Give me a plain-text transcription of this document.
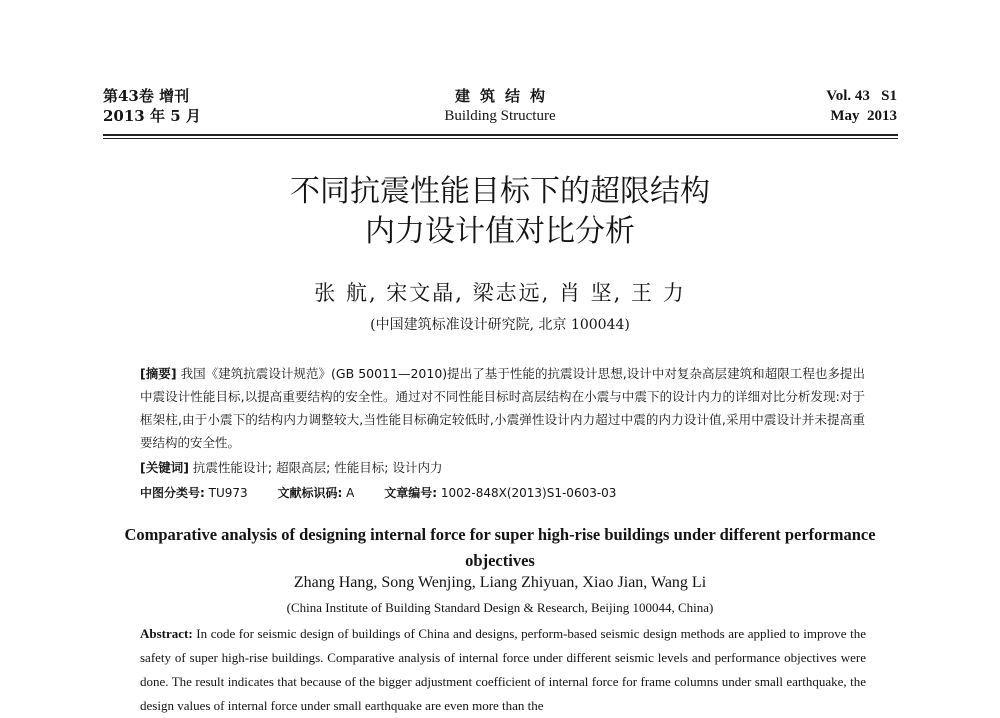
第43卷 增刊
2013 年 5 月
建筑结构
Building Structure
Vol. 43   S1
May  2013
不同抗震性能目标下的超限结构
内力设计值对比分析
张 航, 宋文晶, 梁志远, 肖 坚, 王 力
(中国建筑标准设计研究院, 北京 100044)
[摘要] 我国《建筑抗震设计规范》(GB 50011—2010)提出了基于性能的抗震设计思想,设计中对复杂高层建筑和超限工程也多提出中震设计性能目标,以提高重要结构的安全性。通过对不同性能目标时高层结构在小震与中震下的设计内力的详细对比分析发现:对于框架柱,由于小震下的结构内力调整较大,当性能目标确定较低时,小震弹性设计内力超过中震的内力设计值,采用中震设计并未提高重要结构的安全性。
[关键词] 抗震性能设计; 超限高层; 性能目标; 设计内力
中图分类号: TU973 文献标识码: A 文章编号: 1002-848X(2013)S1-0603-03
Comparative analysis of designing internal force for super high-rise buildings under different performance objectives
Zhang Hang, Song Wenjing, Liang Zhiyuan, Xiao Jian, Wang Li
(China Institute of Building Standard Design & Research, Beijing 100044, China)
Abstract: In code for seismic design of buildings of China and designs, perform-based seismic design methods are applied to improve the safety of super high-rise buildings. Comparative analysis of internal force under different seismic levels and performance objectives were done. The result indicates that because of the bigger adjustment coefficient of internal force for frame columns under small earthquake, the design values of internal force under small earthquake are even more than the
